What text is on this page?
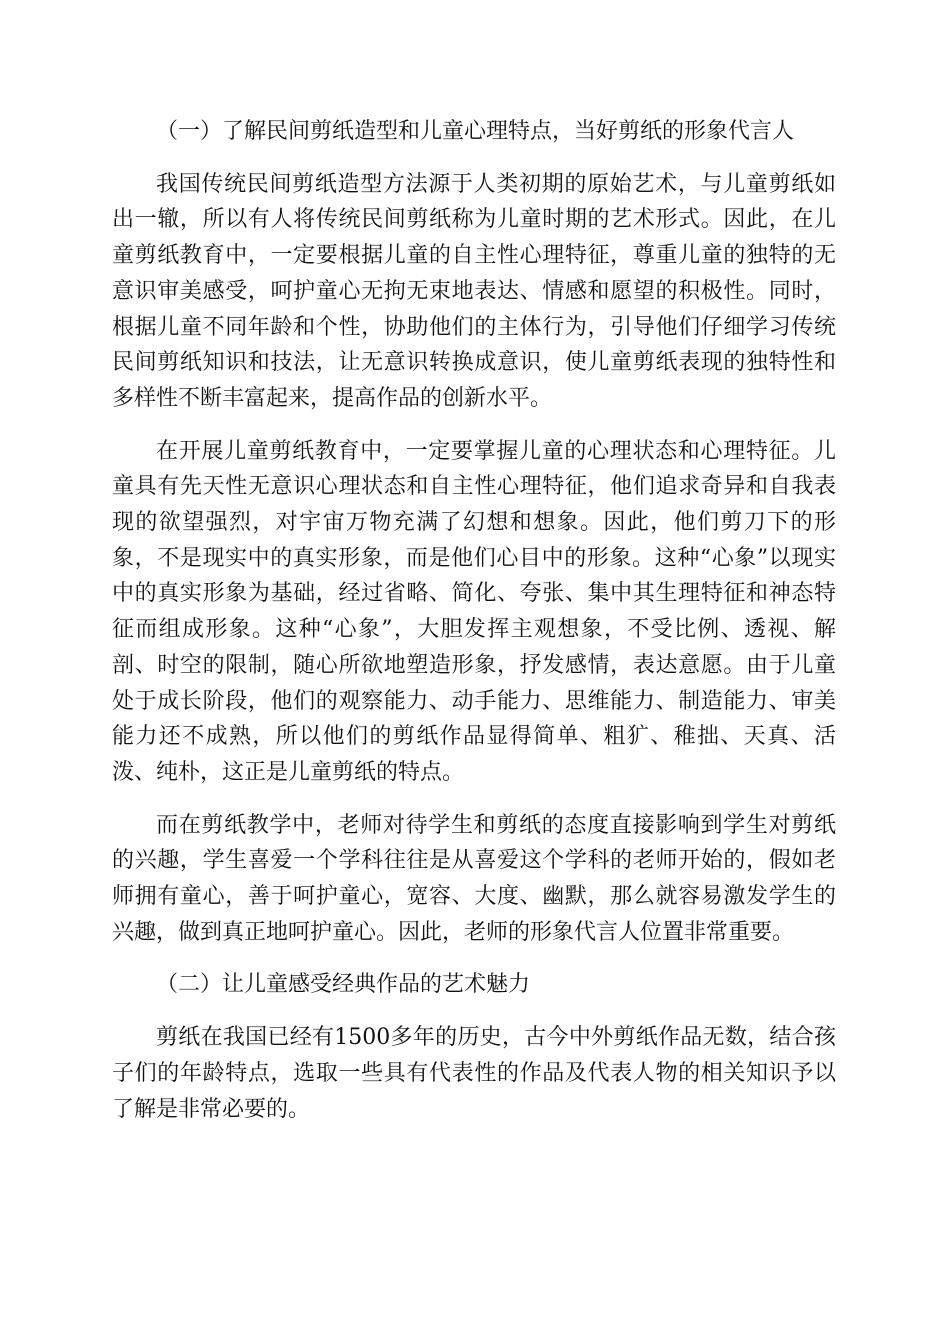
（一）了解民间剪纸造型和儿童心理特点，当好剪纸的形象代言人

我国传统民间剪纸造型方法源于人类初期的原始艺术，与儿童剪纸如出一辙，所以有人将传统民间剪纸称为儿童时期的艺术形式。因此，在儿童剪纸教育中，一定要根据儿童的自主性心理特征，尊重儿童的独特的无意识审美感受，呵护童心无拘无束地表达、情感和愿望的积极性。同时，根据儿童不同年龄和个性，协助他们的主体行为，引导他们仔细学习传统民间剪纸知识和技法，让无意识转换成意识，使儿童剪纸表现的独特性和多样性不断丰富起来，提高作品的创新水平。

在开展儿童剪纸教育中，一定要掌握儿童的心理状态和心理特征。儿童具有先天性无意识心理状态和自主性心理特征，他们追求奇异和自我表现的欲望强烈，对宇宙万物充满了幻想和想象。因此，他们剪刀下的形象，不是现实中的真实形象，而是他们心目中的形象。这种“心象”以现实中的真实形象为基础，经过省略、简化、夸张、集中其生理特征和神态特征而组成形象。这种“心象”，大胆发挥主观想象，不受比例、透视、解剖、时空的限制，随心所欲地塑造形象，抒发感情，表达意愿。由于儿童处于成长阶段，他们的观察能力、动手能力、思维能力、制造能力、审美能力还不成熟，所以他们的剪纸作品显得简单、粗犷、稚拙、天真、活泼、纯朴，这正是儿童剪纸的特点。

而在剪纸教学中，老师对待学生和剪纸的态度直接影响到学生对剪纸的兴趣，学生喜爱一个学科往往是从喜爱这个学科的老师开始的，假如老师拥有童心，善于呵护童心，宽容、大度、幽默，那么就容易激发学生的兴趣，做到真正地呵护童心。因此，老师的形象代言人位置非常重要。

（二）让儿童感受经典作品的艺术魅力

剪纸在我国已经有1500多年的历史，古今中外剪纸作品无数，结合孩子们的年龄特点，选取一些具有代表性的作品及代表人物的相关知识予以了解是非常必要的。
